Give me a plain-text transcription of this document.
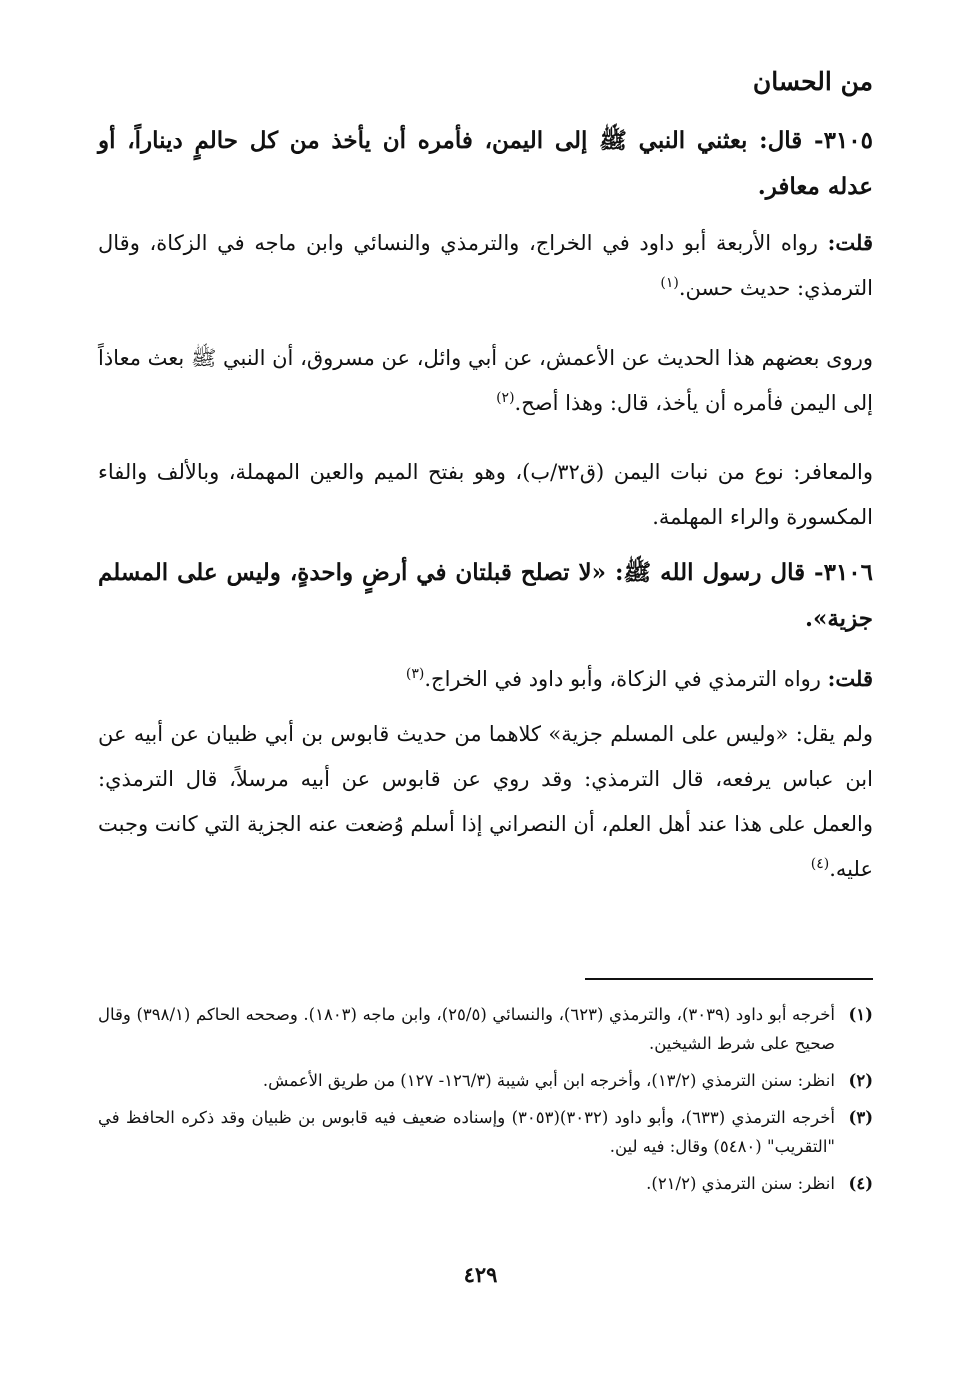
من الحسان
٣١٠٥- قال: بعثني النبي ﷺ إلى اليمن، فأمره أن يأخذ من كل حالمٍ ديناراً، أو عدله معافر.
قلت: رواه الأربعة أبو داود في الخراج، والترمذي والنسائي وابن ماجه في الزكاة، وقال الترمذي: حديث حسن.$^{(١)}$
وروى بعضهم هذا الحديث عن الأعمش، عن أبي وائل، عن مسروق، أن النبي ﷺ بعث معاذاً إلى اليمن فأمره أن يأخذ، قال: وهذا أصح.$^{(٢)}$
والمعافر: نوع من نبات اليمن (ق٣٢/ب)، وهو بفتح الميم والعين المهملة، وبالألف والفاء المكسورة والراء المهلمة.
٣١٠٦- قال رسول الله ﷺ: «لا تصلح قبلتان في أرضٍ واحدةٍ، وليس على المسلم جزية».
قلت: رواه الترمذي في الزكاة، وأبو داود في الخراج.$^{(٣)}$
ولم يقل: «وليس على المسلم جزية» كلاهما من حديث قابوس بن أبي ظبيان عن أبيه عن ابن عباس يرفعه، قال الترمذي: وقد روي عن قابوس عن أبيه مرسلاً، قال الترمذي: والعمل على هذا عند أهل العلم، أن النصراني إذا أسلم وُضعت عنه الجزية التي كانت وجبت عليه.$^{(٤)}$

(١)أخرجه أبو داود (٣٠٣٩)، والترمذي (٦٢٣)، والنسائي (٢٥/٥)، وابن ماجه (١٨٠٣). وصححه الحاكم (٣٩٨/١) وقال صحيح على شرط الشيخين.

(٢)انظر: سنن الترمذي (١٣/٢)، وأخرجه ابن أبي شيبة (١٢٦/٣- ١٢٧) من طريق الأعمش.

(٣)أخرجه الترمذي (٦٣٣)، وأبو داود (٣٠٣٢)(٣٠٥٣) وإسناده ضعيف فيه قابوس بن ظبيان وقد ذكره الحافظ في "التقريب" (٥٤٨٠) وقال: فيه لين.

(٤)انظر: سنن الترمذي (٢١/٢).

٤٢٩
